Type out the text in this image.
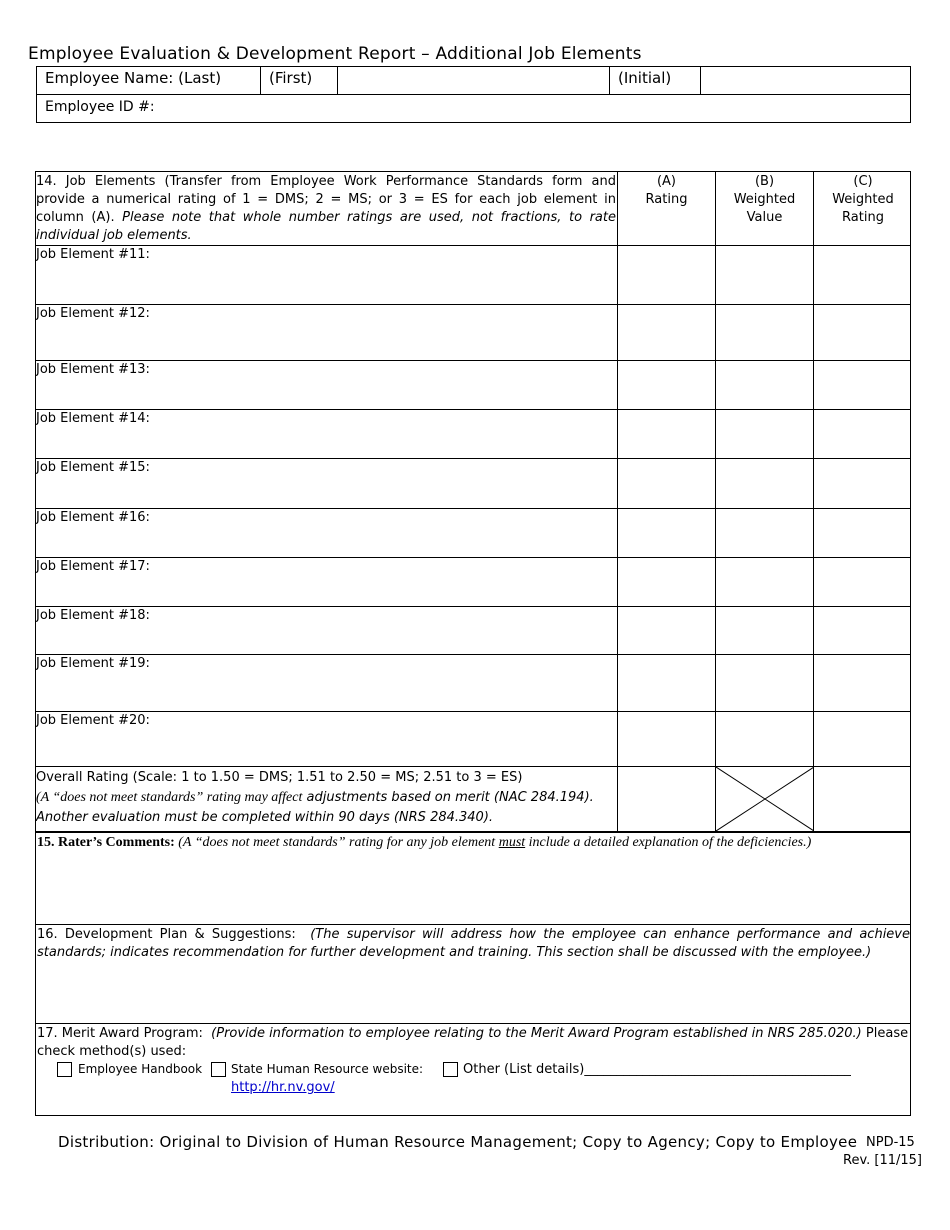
Employee Evaluation & Development Report – Additional Job Elements
Employee Name: (Last)	(First)	(Initial)
Employee ID #:
14. Job Elements (Transfer from Employee Work Performance Standards form and provide a numerical rating of 1 = DMS; 2 = MS; or 3 = ES for each job element in column (A). Please note that whole number ratings are used, not fractions, to rate individual job elements.
(A)
Rating
(B)
Weighted
Value
(C)
Weighted
Rating
Job Element #11:
Job Element #12:
Job Element #13:
Job Element #14:
Job Element #15:
Job Element #16:
Job Element #17:
Job Element #18:
Job Element #19:
Job Element #20:
Overall Rating (Scale: 1 to 1.50 = DMS; 1.51 to 2.50 = MS; 2.51 to 3 = ES)
(A “does not meet standards” rating may affect adjustments based on merit (NAC 284.194).
Another evaluation must be completed within 90 days (NRS 284.340).
15. Rater’s Comments: (A “does not meet standards” rating for any job element must include a detailed explanation of the deficiencies.)
16. Development Plan & Suggestions: (The supervisor will address how the employee can enhance performance and achieve standards; indicates recommendation for further development and training. This section shall be discussed with the employee.)
17. Merit Award Program: (Provide information to employee relating to the Merit Award Program established in NRS 285.020.) Please check method(s) used:
Employee Handbook State Human Resource website:
http://hr.nv.gov/
Other (List details)_________________________________________
Distribution: Original to Division of Human Resource Management; Copy to Agency; Copy to Employee NPD-15
Rev. [11/15]
